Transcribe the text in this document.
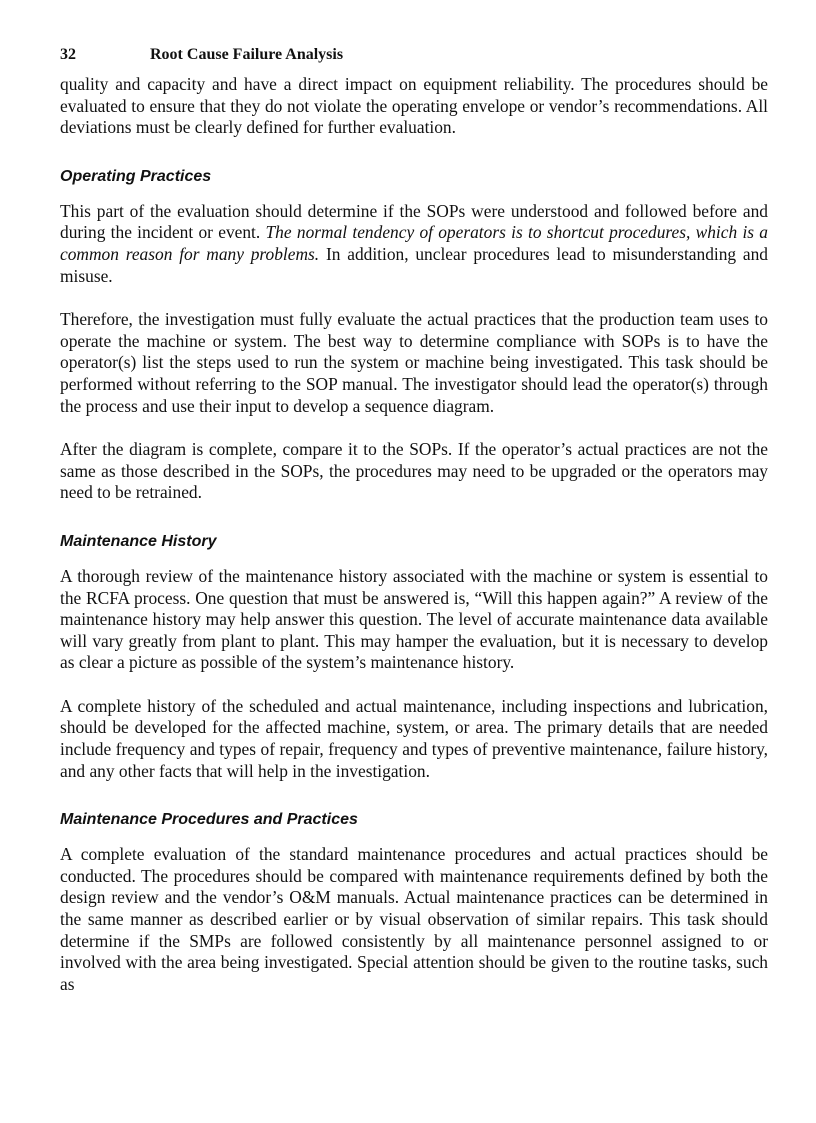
32	Root Cause Failure Analysis

quality and capacity and have a direct impact on equipment reliability. The procedures should be evaluated to ensure that they do not violate the operating envelope or vendor’s recommendations. All deviations must be clearly defined for further evaluation.

Operating Practices

This part of the evaluation should determine if the SOPs were understood and followed before and during the incident or event. The normal tendency of operators is to shortcut procedures, which is a common reason for many problems. In addition, unclear procedures lead to misunderstanding and misuse.

Therefore, the investigation must fully evaluate the actual practices that the production team uses to operate the machine or system. The best way to determine compliance with SOPs is to have the operator(s) list the steps used to run the system or machine being investigated. This task should be performed without referring to the SOP manual. The investigator should lead the operator(s) through the process and use their input to develop a sequence diagram.

After the diagram is complete, compare it to the SOPs. If the operator’s actual practices are not the same as those described in the SOPs, the procedures may need to be upgraded or the operators may need to be retrained.

Maintenance History

A thorough review of the maintenance history associated with the machine or system is essential to the RCFA process. One question that must be answered is, “Will this happen again?” A review of the maintenance history may help answer this question. The level of accurate maintenance data available will vary greatly from plant to plant. This may hamper the evaluation, but it is necessary to develop as clear a picture as possible of the system’s maintenance history.

A complete history of the scheduled and actual maintenance, including inspections and lubrication, should be developed for the affected machine, system, or area. The primary details that are needed include frequency and types of repair, frequency and types of preventive maintenance, failure history, and any other facts that will help in the investigation.

Maintenance Procedures and Practices

A complete evaluation of the standard maintenance procedures and actual practices should be conducted. The procedures should be compared with maintenance requirements defined by both the design review and the vendor’s O&M manuals. Actual maintenance practices can be determined in the same manner as described earlier or by visual observation of similar repairs. This task should determine if the SMPs are followed consistently by all maintenance personnel assigned to or involved with the area being investigated. Special attention should be given to the routine tasks, such as
